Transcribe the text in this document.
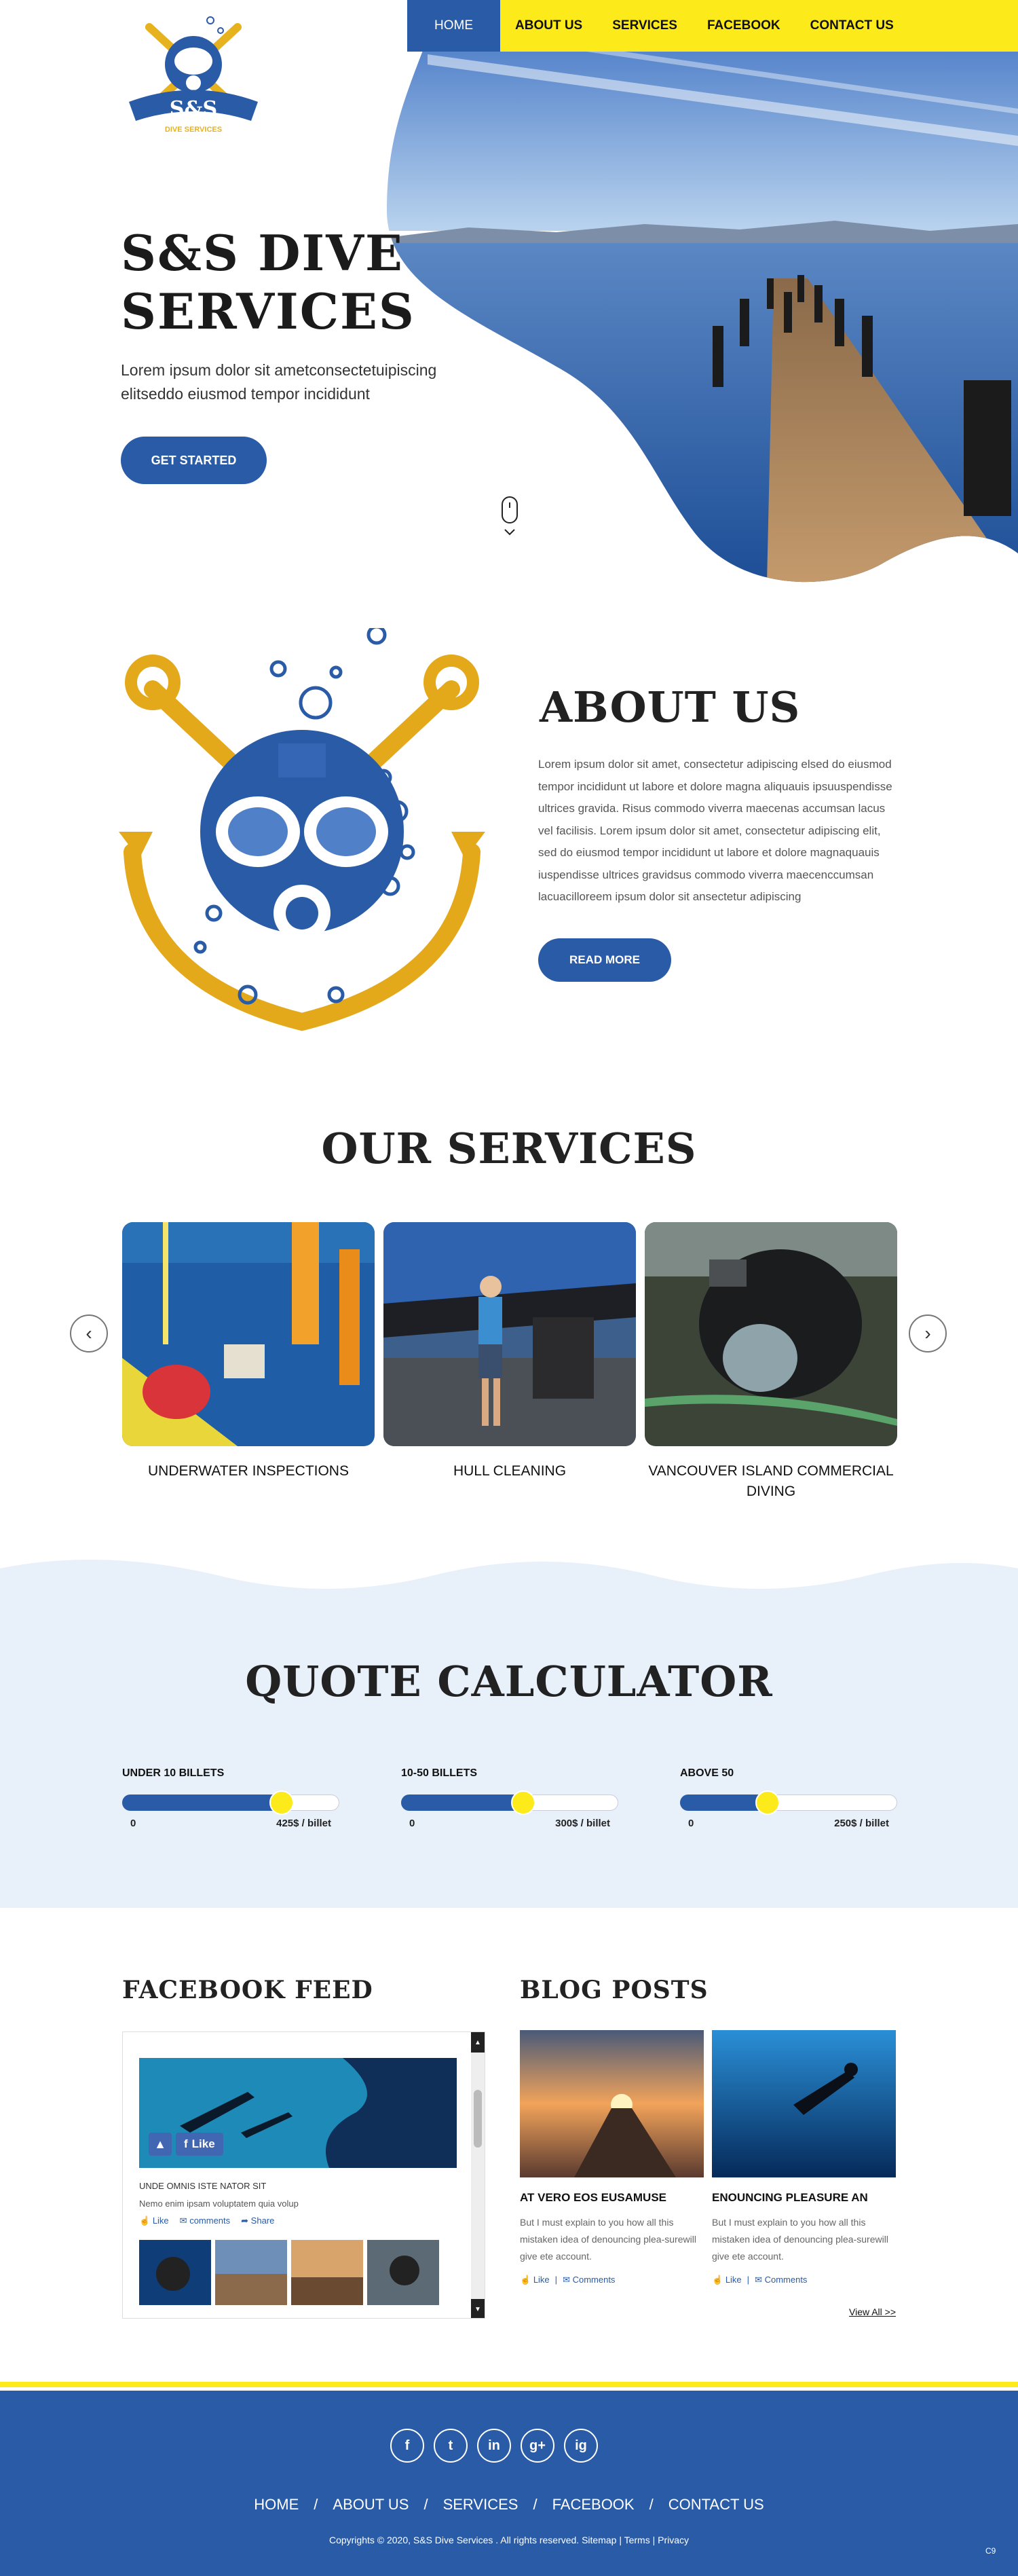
HOME	ABOUT US	SERVICES	FACEBOOK	CONTACT US
S&S
DIVE SERVICES
S&S DIVE
SERVICES

Lorem ipsum dolor sit ametconsectetuipiscing elitseddo eiusmod tempor incididunt

GET STARTED
ABOUT US

Lorem ipsum dolor sit amet, consectetur adipiscing elsed do eiusmod tempor incididunt ut labore et dolore magna aliquauis ipsuuspendisse ultrices gravida. Risus commodo viverra maecenas accumsan lacus vel facilisis. Lorem ipsum dolor sit amet, consectetur adipiscing elit, sed do eiusmod tempor incididunt ut labore et dolore magnaquauis iuspendisse ultrices gravidsus commodo viverra maecenccumsan lacuacilloreem ipsum dolor sit ansectetur adipiscing

READ MORE
OUR SERVICES
‹	›
UNDERWATER INSPECTIONS	HULL CLEANING	VANCOUVER ISLAND COMMERCIAL DIVING
QUOTE CALCULATOR
UNDER 10 BILLETS
0	425$ / billet
10-50 BILLETS
0	300$ / billet
ABOVE 50
0	250$ / billet
FACEBOOK FEED
▲	f Like
UNDE OMNIS ISTE NATOR SIT
Nemo enim ipsam voluptatem quia volup
☝ Like ✉ comments ➦ Share
▲
▼
BLOG POSTS
AT VERO EOS EUSAMUSE
But I must explain to you how all this mistaken idea of denouncing plea-surewill give ete account.
☝ Like | ✉ Comments
ENOUNCING PLEASURE AN
But I must explain to you how all this mistaken idea of denouncing plea-surewill give ete account.
☝ Like | ✉ Comments
View All >>
f	t	in	g+	ig
HOME / ABOUT US / SERVICES / FACEBOOK / CONTACT US
Copyrights © 2020, S&S Dive Services . All rights reserved. Sitemap | Terms | Privacy
C9
